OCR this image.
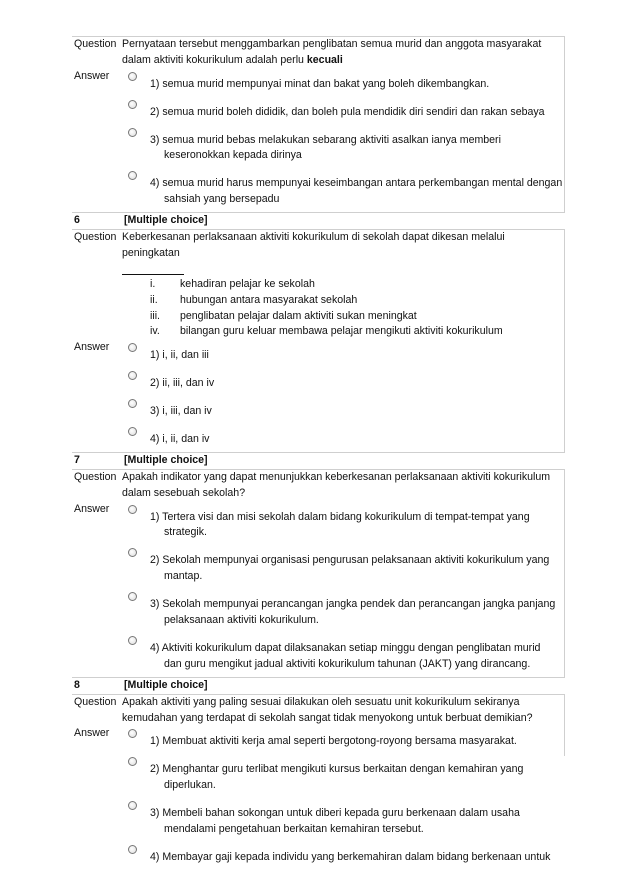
Question Pernyataan tersebut menggambarkan penglibatan semua murid dan anggota masyarakat dalam aktiviti kokurikulum adalah perlu kecuali
Answer
1) semua murid mempunyai minat dan bakat yang boleh dikembangkan.
2) semua murid boleh dididik, dan boleh pula mendidik diri sendiri dan rakan sebaya
3) semua murid bebas melakukan sebarang aktiviti asalkan ianya memberi
keseronokkan kepada dirinya
4) semua murid harus mempunyai keseimbangan antara perkembangan mental dengan
sahsiah yang bersepadu
6	[Multiple choice]
Question Keberkesanan perlaksanaan aktiviti kokurikulum di sekolah dapat dikesan melalui peningkatan
i.	kehadiran pelajar ke sekolah
ii.	hubungan antara masyarakat sekolah
iii.	penglibatan pelajar dalam aktiviti sukan meningkat
iv.	bilangan guru keluar membawa pelajar mengikuti aktiviti kokurikulum
Answer
1) i, ii, dan iii
2) ii, iii, dan iv
3) i, iii, dan iv
4) i, ii, dan iv
7	[Multiple choice]
Question Apakah indikator yang dapat menunjukkan keberkesanan perlaksanaan aktiviti kokurikulum dalam sesebuah sekolah?
Answer
1) Tertera visi dan misi sekolah dalam bidang kokurikulum di tempat-tempat yang
strategik.
2) Sekolah mempunyai organisasi pengurusan pelaksanaan aktiviti kokurikulum yang
mantap.
3) Sekolah mempunyai perancangan jangka pendek dan perancangan jangka panjang
pelaksanaan aktiviti kokurikulum.
4) Aktiviti kokurikulum dapat dilaksanakan setiap minggu dengan penglibatan murid
dan guru mengikut jadual aktiviti kokurikulum tahunan (JAKT) yang dirancang.
8	[Multiple choice]
Question Apakah aktiviti yang paling sesuai dilakukan oleh sesuatu unit kokurikulum sekiranya kemudahan yang terdapat di sekolah sangat tidak menyokong untuk berbuat demikian?
Answer
1) Membuat aktiviti kerja amal seperti bergotong-royong bersama masyarakat.
2) Menghantar guru terlibat mengikuti kursus berkaitan dengan kemahiran yang
diperlukan.
3) Membeli bahan sokongan untuk diberi kepada guru berkenaan dalam usaha
mendalami pengetahuan berkaitan kemahiran tersebut.
4) Membayar gaji kepada individu yang berkemahiran dalam bidang berkenaan untuk
